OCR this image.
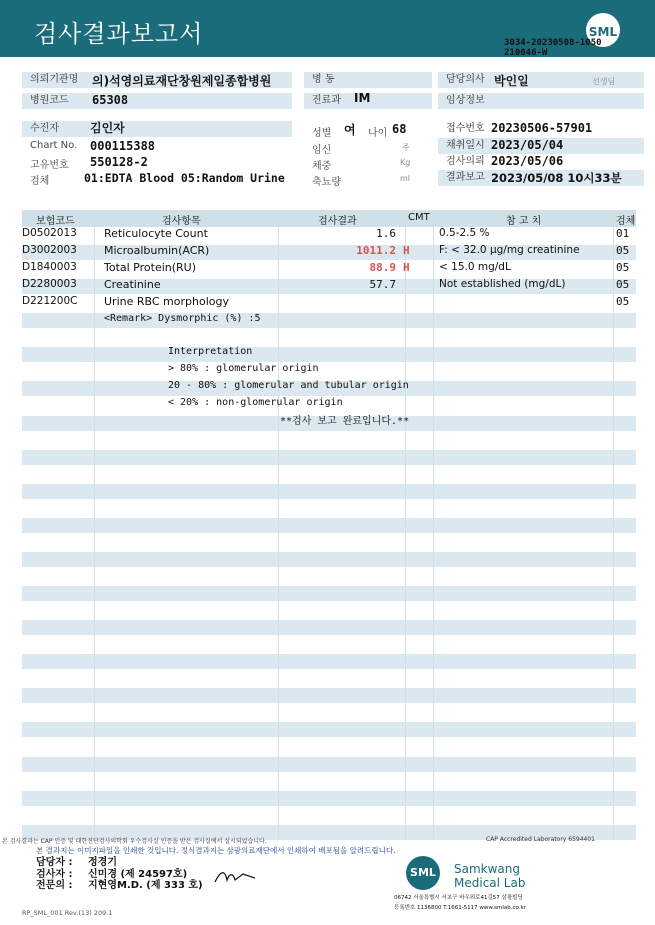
검사결과보고서	SML
3034-20230508-1050
210046-W
의뢰기관명	의)석영의료재단창원제일종합병원
병원코드	65308
병 동
진료과	IM
담당의사 박인일	선생님
임상정보
수진자	김인자
Chart No. 000115388
고유번호 550128-2
검체	01:EDTA Blood 05:Random Urine
성별 여 나이 68
임신	주
체중	Kg
축뇨량	ml
접수번호 20230506-57901
채취일시 2023/05/04
검사의뢰 2023/05/06
결과보고 2023/05/08 10시33분
보험코드	검사항목	검사결과	CMT	참 고 치	검체
D0502013 Reticulocyte Count	1.6	0.5-2.5 %	01
D3002003 Microalbumin(ACR)	1011.2 H	F: < 32.0 μg/mg creatinine	05
D1840003 Total Protein(RU)	88.9 H	< 15.0 mg/dL	05
D2280003 Creatinine	57.7	Not established (mg/dL)	05
D221200C Urine RBC morphology	05
<Remark> Dysmorphic (%) :5
Interpretation
> 80% : glomerular origin
20 - 80% : glomerular and tubular origin
< 20% : non-glomerular origin
**검사 보고 완료입니다.**
본 검사결과는 CAP 인증 및 대한진단검사의학회 우수검사실 인증을 받은 검사실에서 실시되었습니다.	CAP Accredited Laboratory 6594401
본 결과지는 이미지파일을 인쇄한 것입니다. 정식결과지는 삼광의료재단에서 인쇄하여 배포됨을 알려드립니다.
담당자 : 정경기
검사자 : 신미경 (제 24597호)
전문의 : 지현영M.D. (제 333 호)
SML	Samkwang
Medical Lab
06742 서울특별시 서초구 바우뫼로41길57 삼광빌딩
등록번호 1136800 T.1661-5117 www.smlab.co.kr
RP_SML_001 Rev.(13) 209.1
